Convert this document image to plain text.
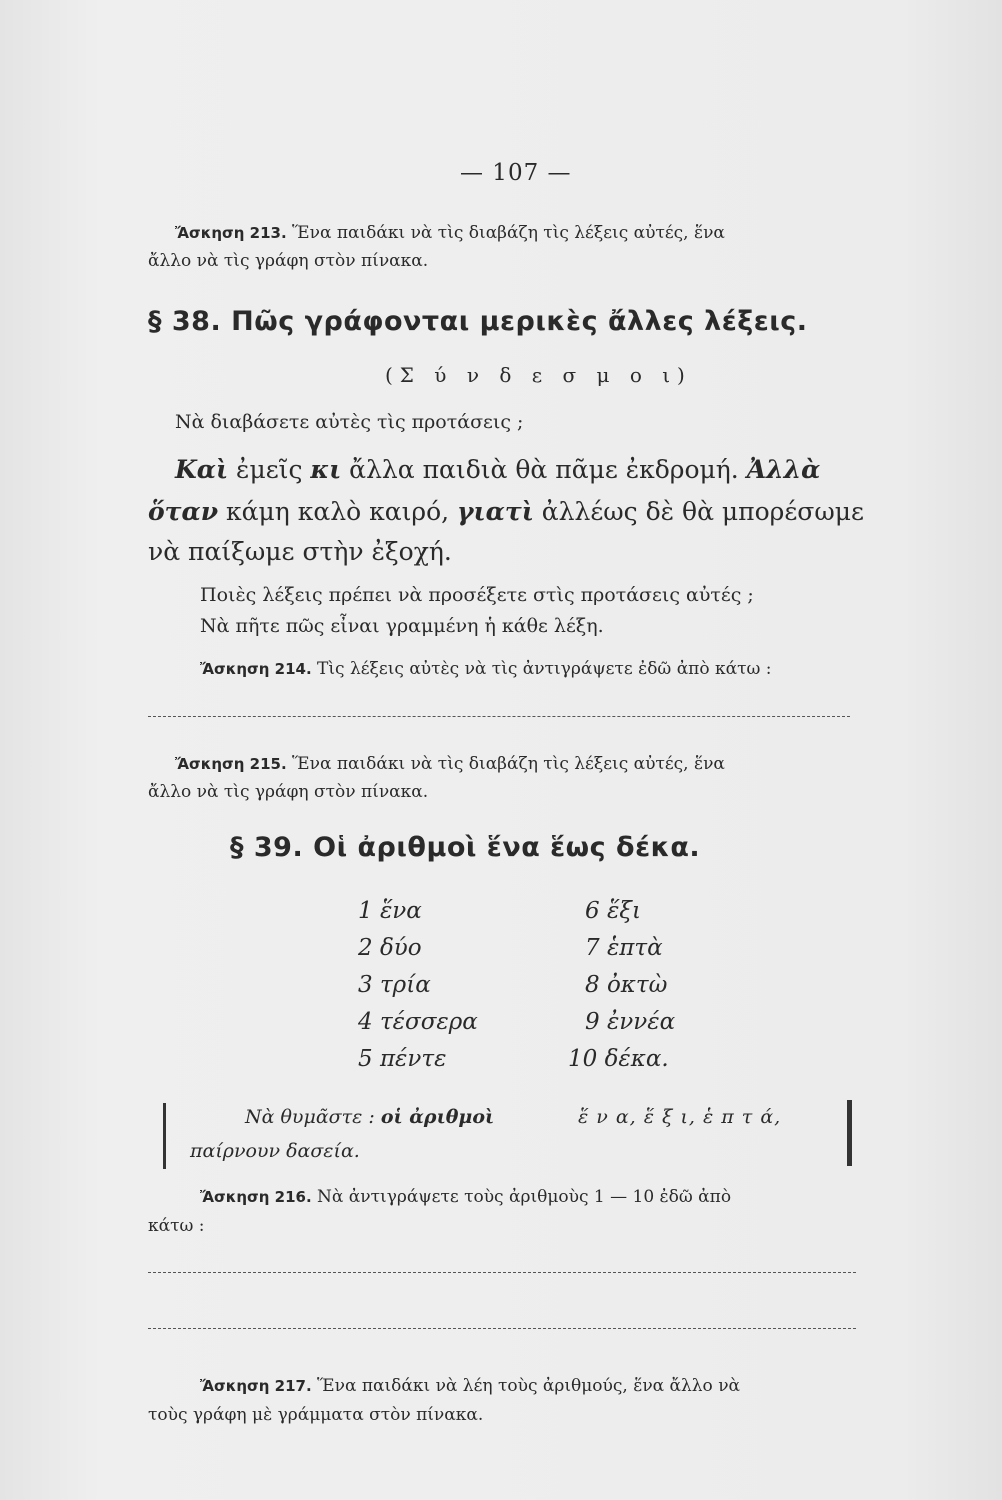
— 107 —
Ἄσκηση 213. Ἕνα παιδάκι νὰ τὶς διαβάζη τὶς λέξεις αὐτές, ἕνα
ἄλλο νὰ τὶς γράφη στὸν πίνακα.
§ 38. Πῶς γράφονται μερικὲς ἄλλες λέξεις.
(Σ ύ ν δ ε σ μ ο ι)
Νὰ διαβάσετε αὐτὲς τὶς προτάσεις ;
Καὶ ἐμεῖς κι ἄλλα παιδιὰ θὰ πᾶμε ἐκδρομή. Ἀλλὰ
ὅταν κάμη καλὸ καιρό, γιατὶ ἀλλέως δὲ θὰ μπορέσωμε
νὰ παίξωμε στὴν ἐξοχή.
Ποιὲς λέξεις πρέπει νὰ προσέξετε στὶς προτάσεις αὐτές ;
Νὰ πῆτε πῶς εἶναι γραμμένη ἡ κάθε λέξη.
Ἄσκηση 214. Τὶς λέξεις αὐτὲς νὰ τὶς ἀντιγράψετε ἐδῶ ἀπὸ κάτω :
Ἄσκηση 215. Ἕνα παιδάκι νὰ τὶς διαβάζη τὶς λέξεις αὐτές, ἕνα
ἄλλο νὰ τὶς γράφη στὸν πίνακα.
§ 39. Οἱ ἀριθμοὶ ἕνα ἕως δέκα.
1 ἕνα
2 δύο
3 τρία
4 τέσσερα
5 πέντε
6 ἕξι
7 ἑπτὰ
8 ὀκτὼ
9 ἐννέα
10 δέκα.
Νὰ θυμᾶστε : οἱ ἀριθμοὶ	ἕ ν α, ἕ ξ ι, ἑ π τ ά,
παίρνουν δασεία.
Ἄσκηση 216. Νὰ ἀντιγράψετε τοὺς ἀριθμοὺς 1 — 10 ἐδῶ ἀπὸ
κάτω :
Ἄσκηση 217. Ἕνα παιδάκι νὰ λέη τοὺς ἀριθμούς, ἕνα ἄλλο νὰ
τοὺς γράφη μὲ γράμματα στὸν πίνακα.
